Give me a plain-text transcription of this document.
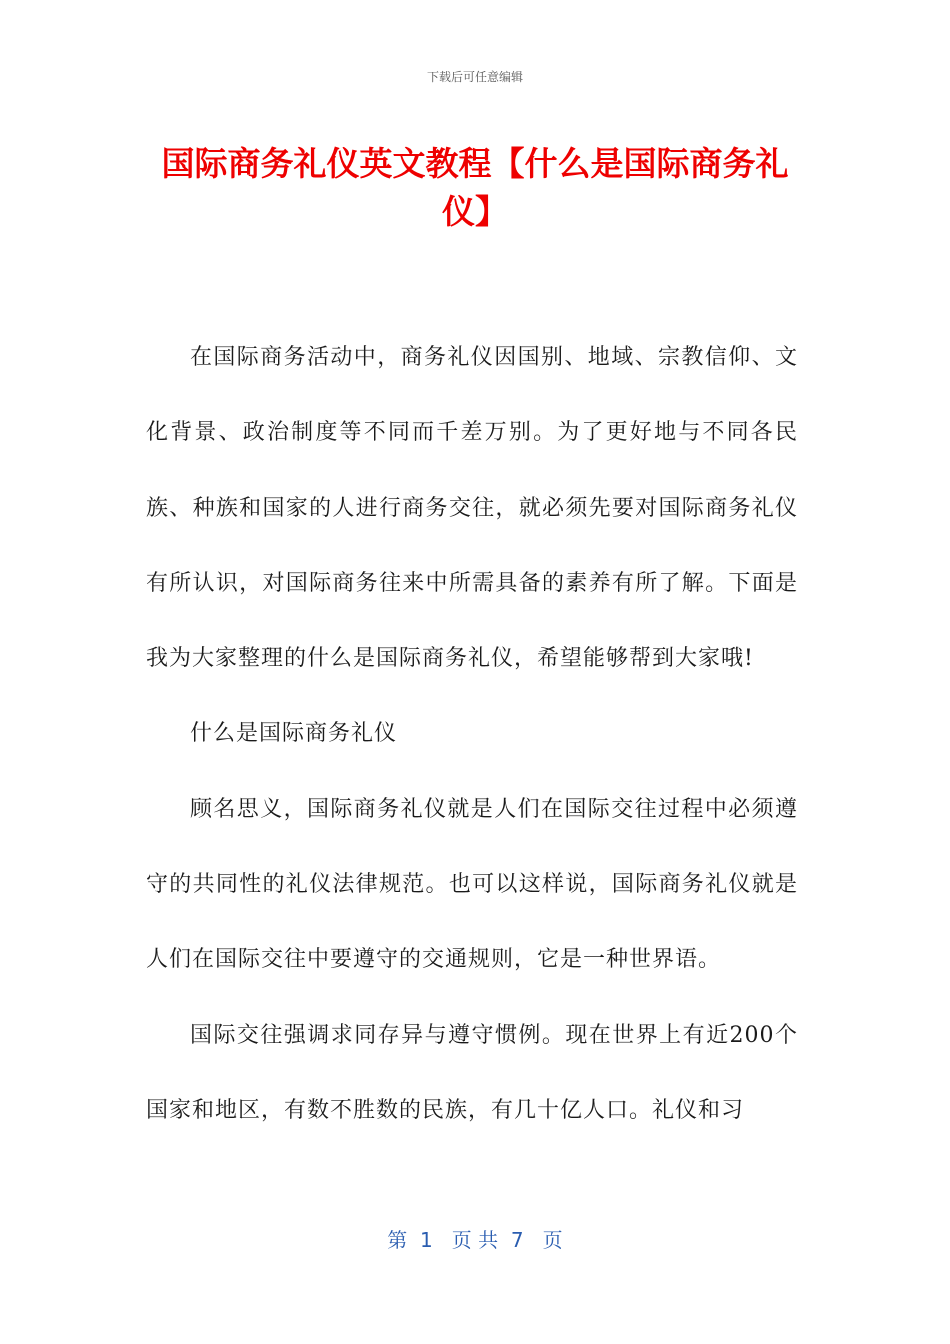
下载后可任意编辑
国际商务礼仪英文教程【什么是国际商务礼仪】

在国际商务活动中，商务礼仪因国别、地域、宗教信仰、文化背景、政治制度等不同而千差万别。为了更好地与不同各民族、种族和国家的人进行商务交往，就必须先要对国际商务礼仪有所认识，对国际商务往来中所需具备的素养有所了解。下面是我为大家整理的什么是国际商务礼仪，希望能够帮到大家哦!

什么是国际商务礼仪

顾名思义，国际商务礼仪就是人们在国际交往过程中必须遵守的共同性的礼仪法律规范。也可以这样说，国际商务礼仪就是人们在国际交往中要遵守的交通规则，它是一种世界语。

国际交往强调求同存异与遵守惯例。现在世界上有近200个国家和地区，有数不胜数的民族，有几十亿人口。礼仪和习

第  1   页 共  7   页
